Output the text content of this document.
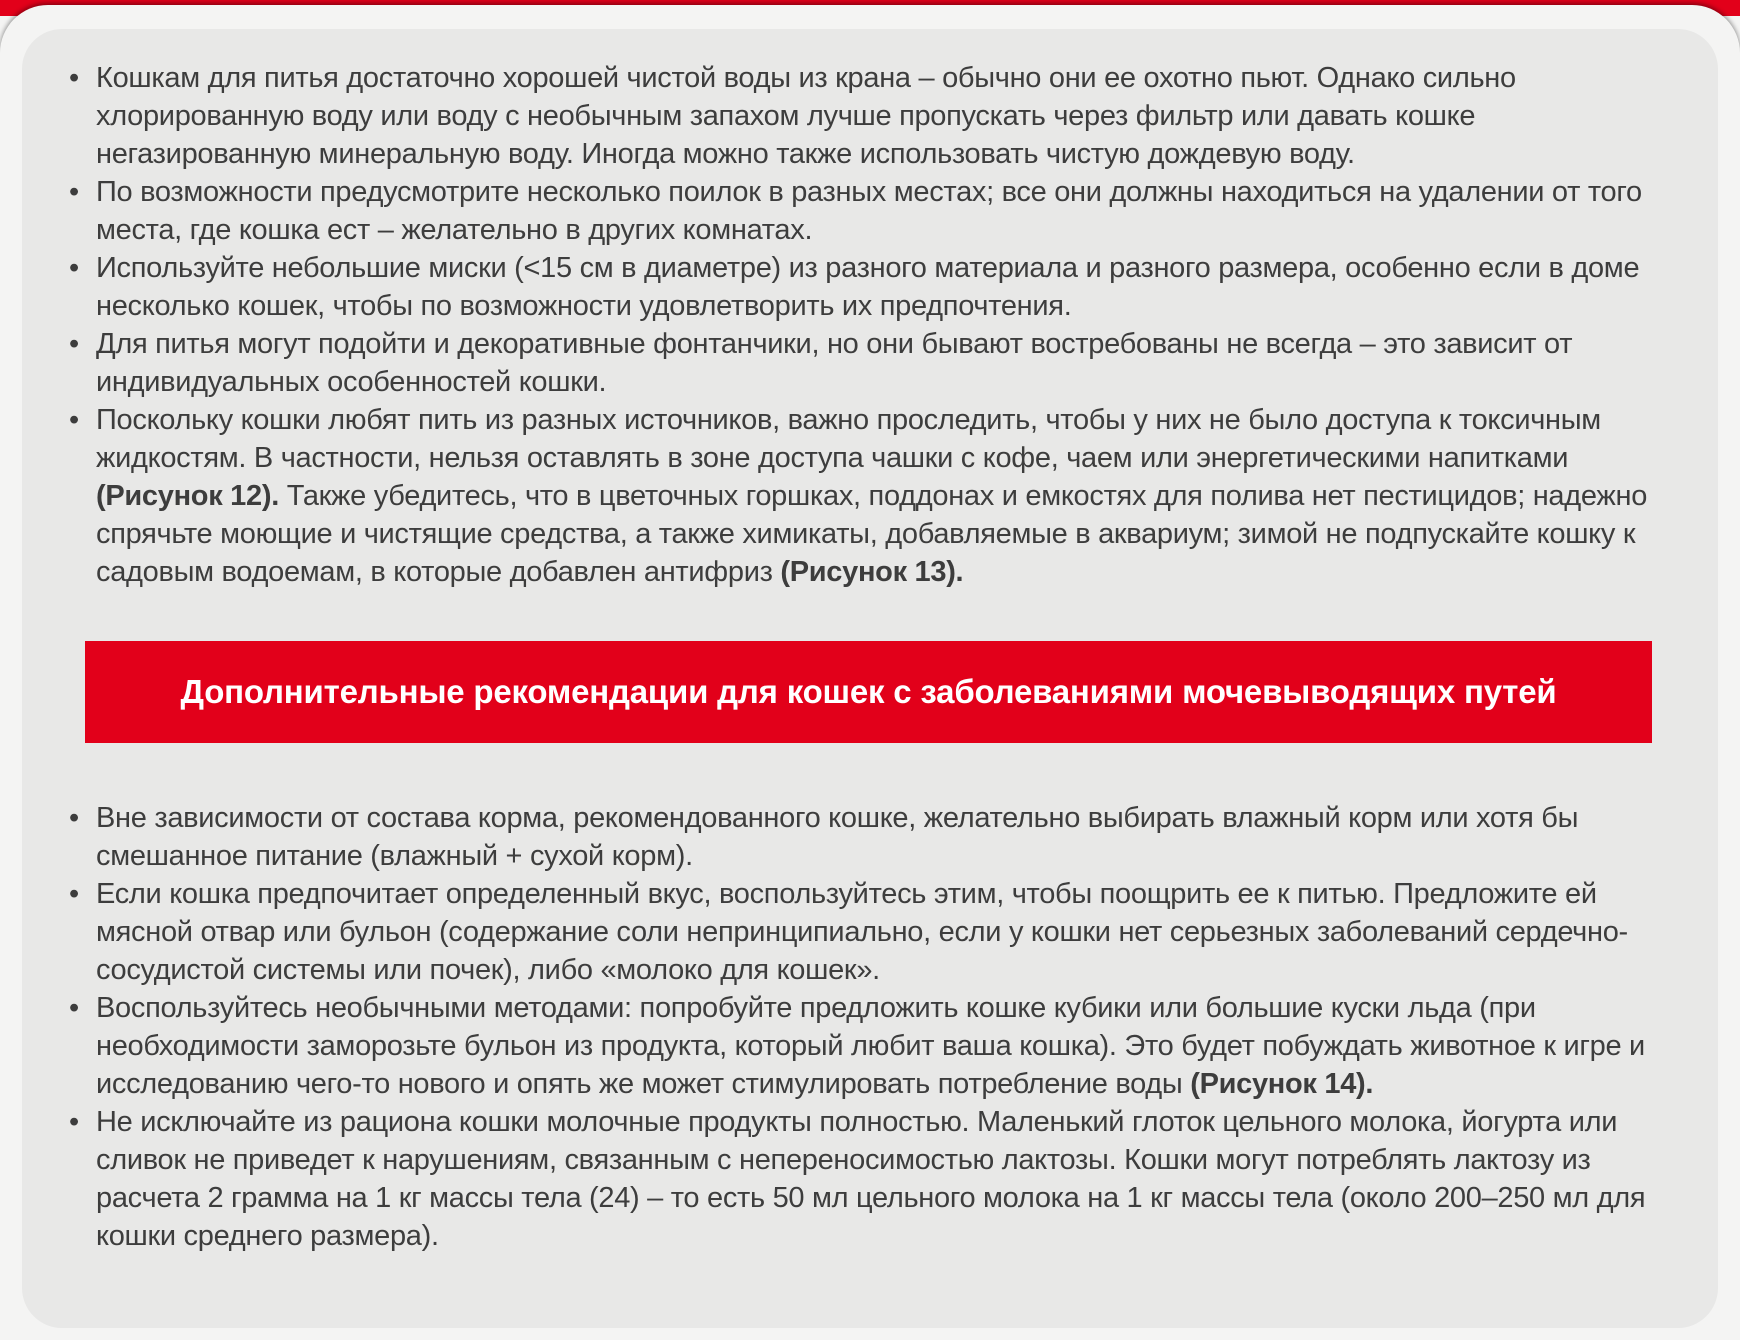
• Кошкам для питья достаточно хорошей чистой воды из крана – обычно они ее охотно пьют. Однако сильно хлорированную воду или воду с необычным запахом лучше пропускать через фильтр или давать кошке негазированную минеральную воду. Иногда можно также использовать чистую дождевую воду.
• По возможности предусмотрите несколько поилок в разных местах; все они должны находиться на удалении от того места, где кошка ест – желательно в других комнатах.
• Используйте небольшие миски (<15 см в диаметре) из разного материала и разного размера, особенно если в доме несколько кошек, чтобы по возможности удовлетворить их предпочтения.
• Для питья могут подойти и декоративные фонтанчики, но они бывают востребованы не всегда – это зависит от индивидуальных особенностей кошки.
• Поскольку кошки любят пить из разных источников, важно проследить, чтобы у них не было доступа к токсичным жидкостям. В частности, нельзя оставлять в зоне доступа чашки с кофе, чаем или энергетическими напитками (Рисунок 12). Также убедитесь, что в цветочных горшках, поддонах и емкостях для полива нет пестицидов; надежно спрячьте моющие и чистящие средства, а также химикаты, добавляемые в аквариум; зимой не подпускайте кошку к садовым водоемам, в которые добавлен антифриз (Рисунок 13).
Дополнительные рекомендации для кошек с заболеваниями мочевыводящих путей
• Вне зависимости от состава корма, рекомендованного кошке, желательно выбирать влажный корм или хотя бы смешанное питание (влажный + сухой корм).
• Если кошка предпочитает определенный вкус, воспользуйтесь этим, чтобы поощрить ее к питью. Предложите ей мясной отвар или бульон (содержание соли непринципиально, если у кошки нет серьезных заболеваний сердечно-сосудистой системы или почек), либо «молоко для кошек».
• Воспользуйтесь необычными методами: попробуйте предложить кошке кубики или большие куски льда (при необходимости заморозьте бульон из продукта, который любит ваша кошка). Это будет побуждать животное к игре и исследованию чего-то нового и опять же может стимулировать потребление воды (Рисунок 14).
• Не исключайте из рациона кошки молочные продукты полностью. Маленький глоток цельного молока, йогурта или сливок не приведет к нарушениям, связанным с непереносимостью лактозы. Кошки могут потреблять лактозу из расчета 2 грамма на 1 кг массы тела (24) – то есть 50 мл цельного молока на 1 кг массы тела (около 200–250 мл для кошки среднего размера).
